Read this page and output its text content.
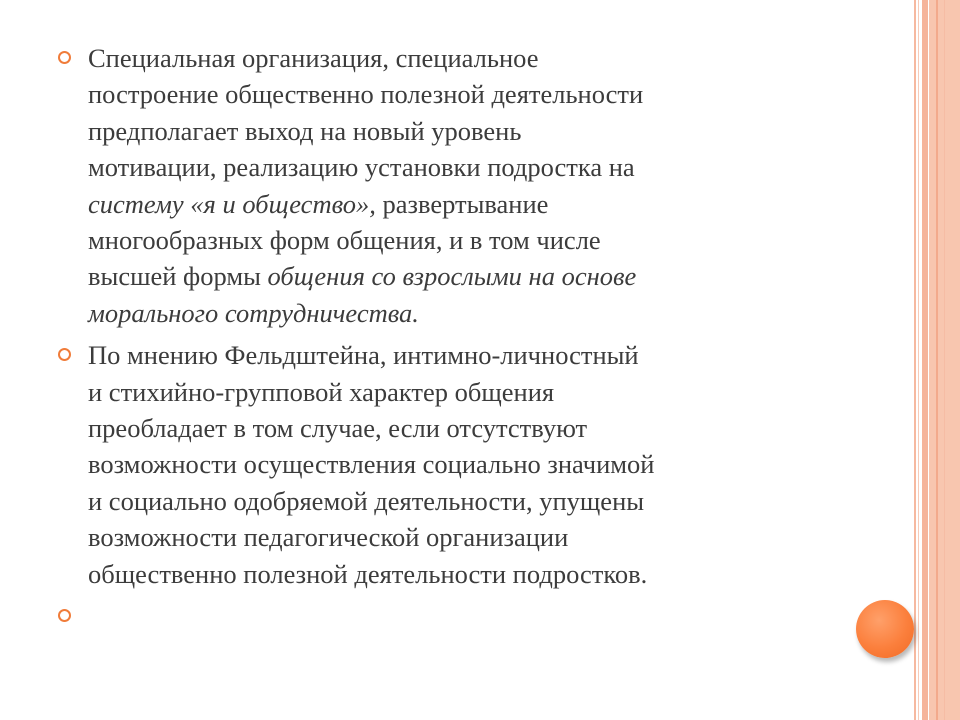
Специальная организация, специальное
построение общественно полезной деятельности
предполагает выход на новый уровень
мотивации, реализацию установки подростка на
систему «я и общество», развертывание
многообразных форм общения, и в том числе
высшей формы общения со взрослыми на основе
морального сотрудничества.
По мнению Фельдштейна, интимно-личностный
и стихийно-групповой характер общения
преобладает в том случае, если отсутствуют
возможности осуществления социально значимой
и социально одобряемой деятельности, упущены
возможности педагогической организации
общественно полезной деятельности подростков.
